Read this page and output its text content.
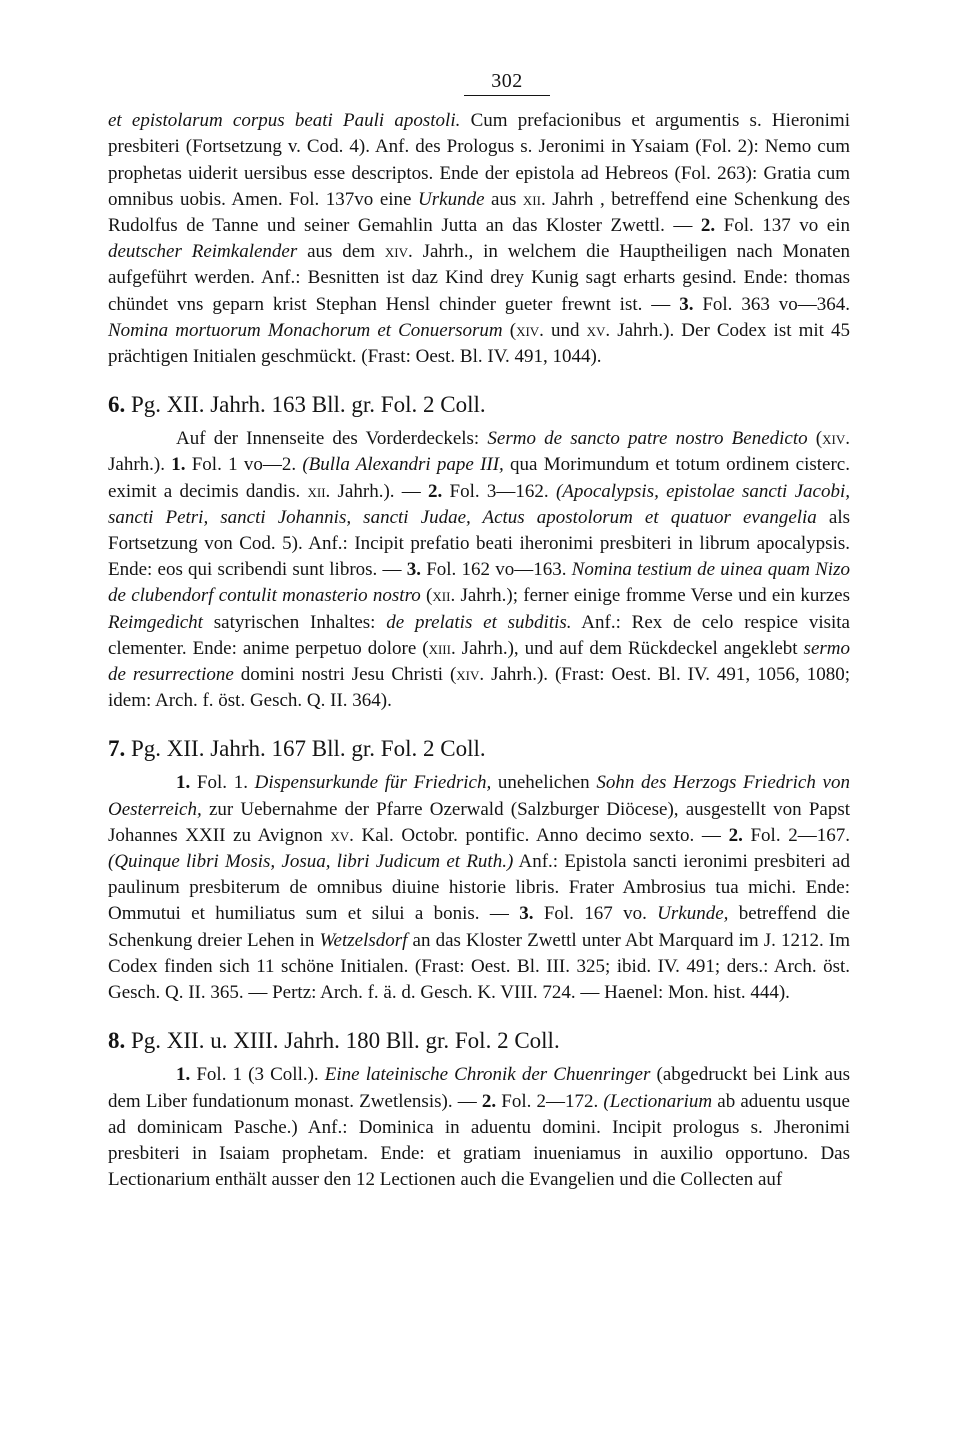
302

et epistolarum corpus beati Pauli apostoli. Cum prefacionibus et argumentis s. Hieronimi presbiteri (Fortsetzung v. Cod. 4). Anf. des Prologus s. Jeronimi in Ysaiam (Fol. 2): Nemo cum prophetas uiderit uersibus esse descriptos. Ende der epistola ad Hebreos (Fol. 263): Gratia cum omnibus uobis. Amen. Fol. 137vo eine Urkunde aus xii. Jahrh , betreffend eine Schenkung des Rudolfus de Tanne und seiner Gemahlin Jutta an das Kloster Zwettl. — 2. Fol. 137 vo ein deutscher Reimkalender aus dem xiv. Jahrh., in welchem die Hauptheiligen nach Monaten aufgeführt werden. Anf.: Besnitten ist daz Kind drey Kunig sagt erharts gesind. Ende: thomas chündet vns geparn krist Stephan Hensl chinder gueter frewnt ist. — 3. Fol. 363 vo—364. Nomina mortuorum Monachorum et Conuersorum (xiv. und xv. Jahrh.). Der Codex ist mit 45 prächtigen Initialen geschmückt. (Frast: Oest. Bl. IV. 491, 1044).

6. Pg. XII. Jahrh. 163 Bll. gr. Fol. 2 Coll.

Auf der Innenseite des Vorderdeckels: Sermo de sancto patre nostro Benedicto (xiv. Jahrh.). 1. Fol. 1 vo—2. (Bulla Alexandri pape III, qua Morimundum et totum ordinem cisterc. eximit a decimis dandis. xii. Jahrh.). — 2. Fol. 3—162. (Apocalypsis, epistolae sancti Jacobi, sancti Petri, sancti Johannis, sancti Judae, Actus apostolorum et quatuor evangelia als Fortsetzung von Cod. 5). Anf.: Incipit prefatio beati iheronimi presbiteri in librum apocalypsis. Ende: eos qui scribendi sunt libros. — 3. Fol. 162 vo—163. Nomina testium de uinea quam Nizo de clubendorf contulit monasterio nostro (xii. Jahrh.); ferner einige fromme Verse und ein kurzes Reimgedicht satyrischen Inhaltes: de prelatis et subditis. Anf.: Rex de celo respice visita clementer. Ende: anime perpetuo dolore (xiii. Jahrh.), und auf dem Rückdeckel angeklebt sermo de resurrectione domini nostri Jesu Christi (xiv. Jahrh.). (Frast: Oest. Bl. IV. 491, 1056, 1080; idem: Arch. f. öst. Gesch. Q. II. 364).

7. Pg. XII. Jahrh. 167 Bll. gr. Fol. 2 Coll.

1. Fol. 1. Dispensurkunde für Friedrich, unehelichen Sohn des Herzogs Friedrich von Oesterreich, zur Uebernahme der Pfarre Ozerwald (Salzburger Diöcese), ausgestellt von Papst Johannes XXII zu Avignon xv. Kal. Octobr. pontific. Anno decimo sexto. — 2. Fol. 2—167. (Quinque libri Mosis, Josua, libri Judicum et Ruth.) Anf.: Epistola sancti ieronimi presbiteri ad paulinum presbiterum de omnibus diuine historie libris. Frater Ambrosius tua michi. Ende: Ommutui et humiliatus sum et silui a bonis. — 3. Fol. 167 vo. Urkunde, betreffend die Schenkung dreier Lehen in Wetzelsdorf an das Kloster Zwettl unter Abt Marquard im J. 1212. Im Codex finden sich 11 schöne Initialen. (Frast: Oest. Bl. III. 325; ibid. IV. 491; ders.: Arch. öst. Gesch. Q. II. 365. — Pertz: Arch. f. ä. d. Gesch. K. VIII. 724. — Haenel: Mon. hist. 444).

8. Pg. XII. u. XIII. Jahrh. 180 Bll. gr. Fol. 2 Coll.

1. Fol. 1 (3 Coll.). Eine lateinische Chronik der Chuenringer (abgedruckt bei Link aus dem Liber fundationum monast. Zwetlensis). — 2. Fol. 2—172. (Lectionarium ab aduentu usque ad dominicam Pasche.) Anf.: Dominica in aduentu domini. Incipit prologus s. Jheronimi presbiteri in Isaiam prophetam. Ende: et gratiam inueniamus in auxilio opportuno. Das Lectionarium enthält ausser den 12 Lectionen auch die Evangelien und die Collecten auf
